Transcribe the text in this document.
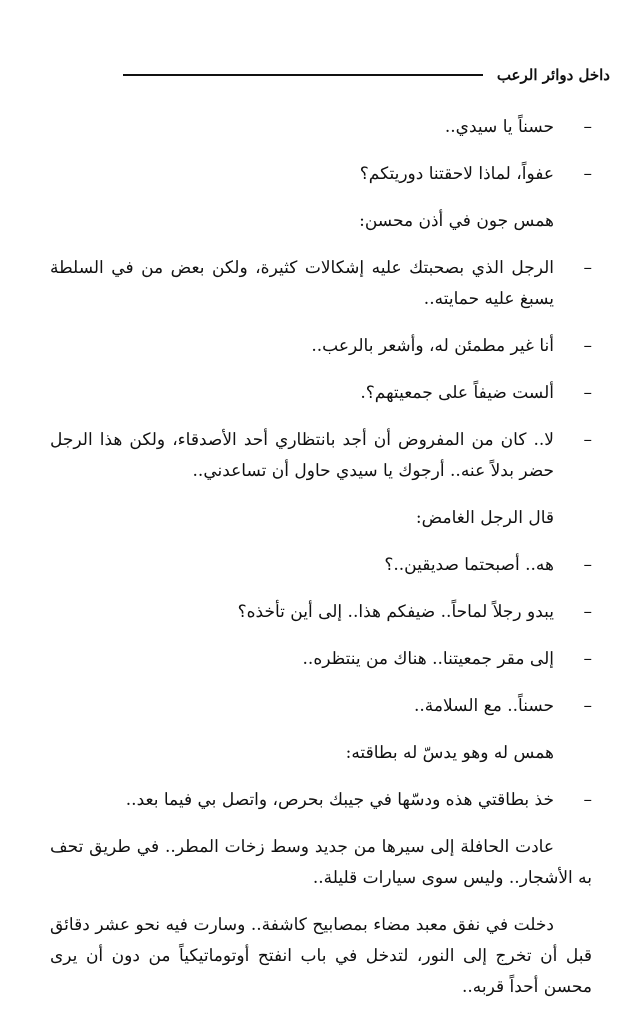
داخل دوائر الرعب

– حسناً يا سيدي..

– عفواً، لماذا لاحقتنا دوريتكم؟

همس جون في أذن محسن:

– الرجل الذي بصحبتك عليه إشكالات كثيرة، ولكن بعض من في السلطة يسبغ عليه حمايته..

– أنا غير مطمئن له، وأشعر بالرعب..

– ألست ضيفاً على جمعيتهم؟.

– لا.. كان من المفروض أن أجد بانتظاري أحد الأصدقاء، ولكن هذا الرجل حضر بدلاً عنه.. أرجوك يا سيدي حاول أن تساعدني..

قال الرجل الغامض:

– هه.. أصبحتما صديقين..؟

– يبدو رجلاً لماحاً.. ضيفكم هذا.. إلى أين تأخذه؟

– إلى مقر جمعيتنا.. هناك من ينتظره..

– حسناً.. مع السلامة..

همس له وهو يدسّ له بطاقته:

– خذ بطاقتي هذه ودسّها في جيبك بحرص، واتصل بي فيما بعد..

عادت الحافلة إلى سيرها من جديد وسط زخات المطر.. في طريق تحف به الأشجار.. وليس سوى سيارات قليلة..

دخلت في نفق معبد مضاء بمصابيح كاشفة.. وسارت فيه نحو عشر دقائق قبل أن تخرج إلى النور، لتدخل في باب انفتح أوتوماتيكياً من دون أن يرى محسن أحداً قربه..
